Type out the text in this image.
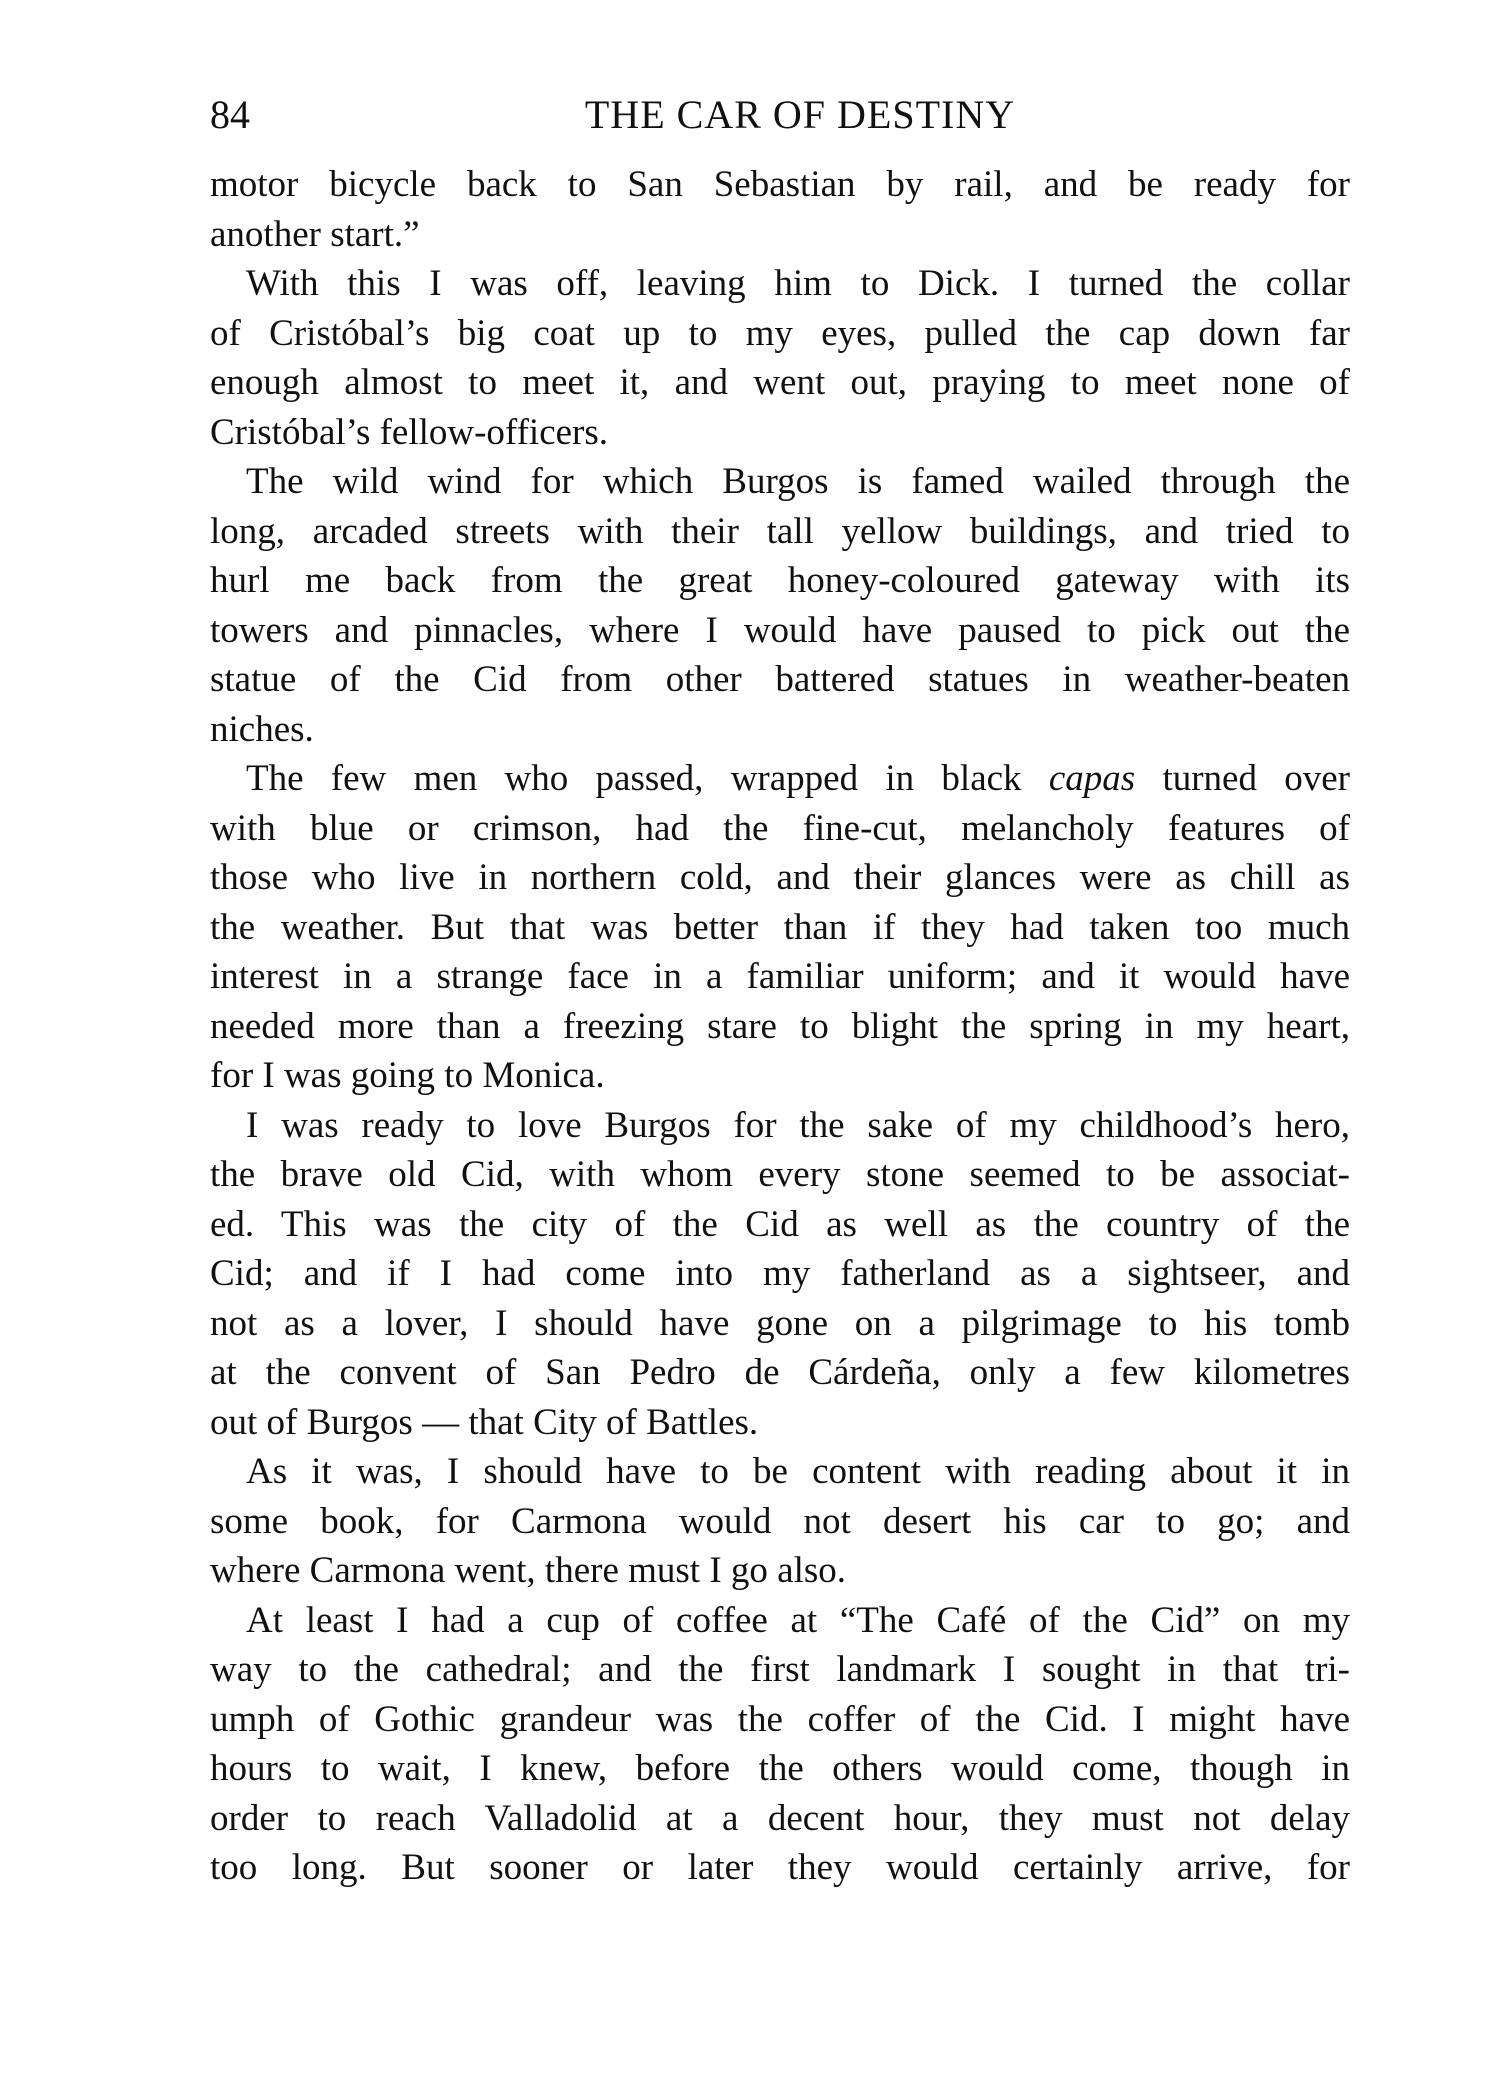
84	THE CAR OF DESTINY
motor bicycle back to San Sebastian by rail, and be ready for
another start.”
With this I was off, leaving him to Dick. I turned the collar
of Cristóbal’s big coat up to my eyes, pulled the cap down far
enough almost to meet it, and went out, praying to meet none of
Cristóbal’s fellow-officers.
The wild wind for which Burgos is famed wailed through the
long, arcaded streets with their tall yellow buildings, and tried to
hurl me back from the great honey-coloured gateway with its
towers and pinnacles, where I would have paused to pick out the
statue of the Cid from other battered statues in weather-beaten
niches.
The few men who passed, wrapped in black capas turned over
with blue or crimson, had the fine-cut, melancholy features of
those who live in northern cold, and their glances were as chill as
the weather. But that was better than if they had taken too much
interest in a strange face in a familiar uniform; and it would have
needed more than a freezing stare to blight the spring in my heart,
for I was going to Monica.
I was ready to love Burgos for the sake of my childhood’s hero,
the brave old Cid, with whom every stone seemed to be associat-
ed. This was the city of the Cid as well as the country of the
Cid; and if I had come into my fatherland as a sightseer, and
not as a lover, I should have gone on a pilgrimage to his tomb
at the convent of San Pedro de Cárdeña, only a few kilometres
out of Burgos — that City of Battles.
As it was, I should have to be content with reading about it in
some book, for Carmona would not desert his car to go; and
where Carmona went, there must I go also.
At least I had a cup of coffee at “The Café of the Cid” on my
way to the cathedral; and the first landmark I sought in that tri-
umph of Gothic grandeur was the coffer of the Cid. I might have
hours to wait, I knew, before the others would come, though in
order to reach Valladolid at a decent hour, they must not delay
too long. But sooner or later they would certainly arrive, for
